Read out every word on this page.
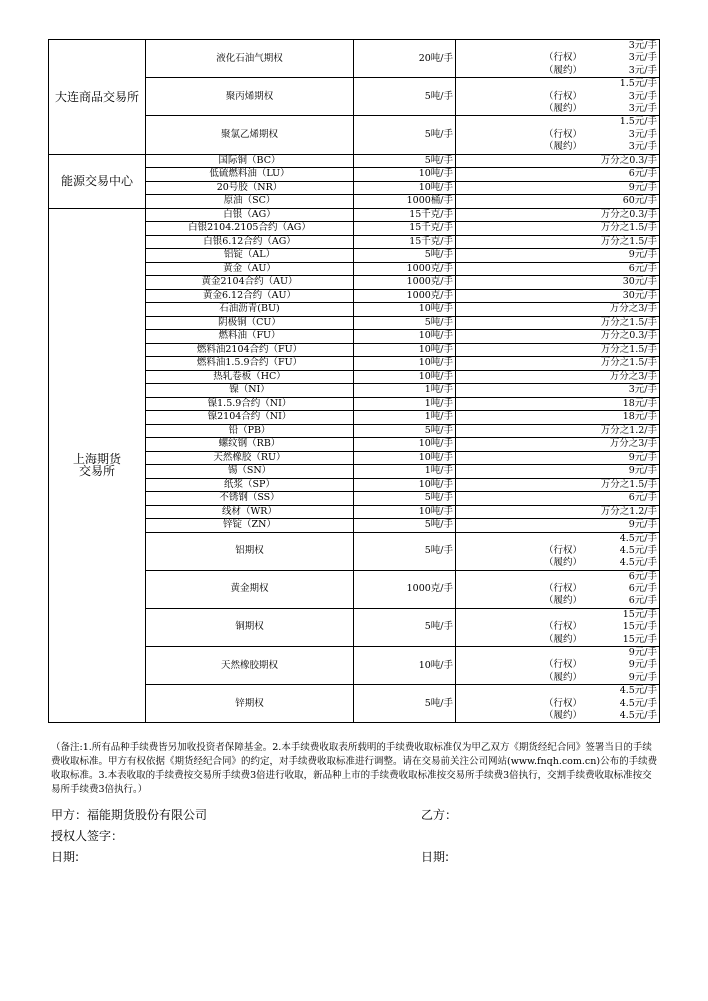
大连商品交易所	液化石油气期权	20吨/手	3元/手
（行权） 3元/手
（履约） 3元/手

	聚丙烯期权	5吨/手	1.5元/手
（行权） 3元/手
（履约） 3元/手

	聚氯乙烯期权	5吨/手	1.5元/手
（行权） 3元/手
（履约） 3元/手

能源交易中心	国际铜（BC）	5吨/手	万分之0.3/手

	低硫燃料油（LU）	10吨/手	6元/手

	20号胶（NR）	10吨/手	9元/手

	原油（SC）	1000桶/手	60元/手

上海期货
交易所	白银（AG）	15千克/手	万分之0.3/手

	白银2104.2105合约（AG）	15千克/手	万分之1.5/手

	白银6.12合约（AG）	15千克/手	万分之1.5/手

	铝锭（AL）	5吨/手	9元/手

	黄金（AU）	1000克/手	6元/手

	黄金2104合约（AU）	1000克/手	30元/手

	黄金6.12合约（AU）	1000克/手	30元/手

	石油沥青(BU)	10吨/手	万分之3/手

	阴极铜（CU）	5吨/手	万分之1.5/手

	燃料油（FU）	10吨/手	万分之0.3/手

	燃料油2104合约（FU）	10吨/手	万分之1.5/手

	燃料油1.5.9合约（FU）	10吨/手	万分之1.5/手

	热轧卷板（HC）	10吨/手	万分之3/手

	镍（NI）	1吨/手	3元/手

	镍1.5.9合约（NI）	1吨/手	18元/手

	镍2104合约（NI）	1吨/手	18元/手

	铅（PB）	5吨/手	万分之1.2/手

	螺纹钢（RB）	10吨/手	万分之3/手

	天然橡胶（RU）	10吨/手	9元/手

	锡（SN）	1吨/手	9元/手

	纸浆（SP）	10吨/手	万分之1.5/手

	不锈钢（SS）	5吨/手	6元/手

	线材（WR）	10吨/手	万分之1.2/手

	锌锭（ZN）	5吨/手	9元/手

	铝期权	5吨/手	4.5元/手
（行权） 4.5元/手
（履约） 4.5元/手

	黄金期权	1000克/手	6元/手
（行权） 6元/手
（履约） 6元/手

	铜期权	5吨/手	15元/手
（行权） 15元/手
（履约） 15元/手

	天然橡胶期权	10吨/手	9元/手
（行权） 9元/手
（履约） 9元/手

	锌期权	5吨/手	4.5元/手
（行权） 4.5元/手
（履约） 4.5元/手
（备注:1.所有品种手续费皆另加收投资者保障基金。2.本手续费收取表所载明的手续费收取标准仅为甲乙双方《期货经纪合同》签署当日的手续费收取标准。甲方有权依据《期货经纪合同》的约定，对手续费收取标准进行调整。请在交易前关注公司网站(www.fnqh.com.cn)公布的手续费收取标准。3.本表收取的手续费按交易所手续费3倍进行收取，新品种上市的手续费收取标准按交易所手续费3倍执行，交割手续费收取标准按交易所手续费3倍执行。）
甲方：福能期货股份有限公司	乙方：
授权人签字：
日期:	日期:
